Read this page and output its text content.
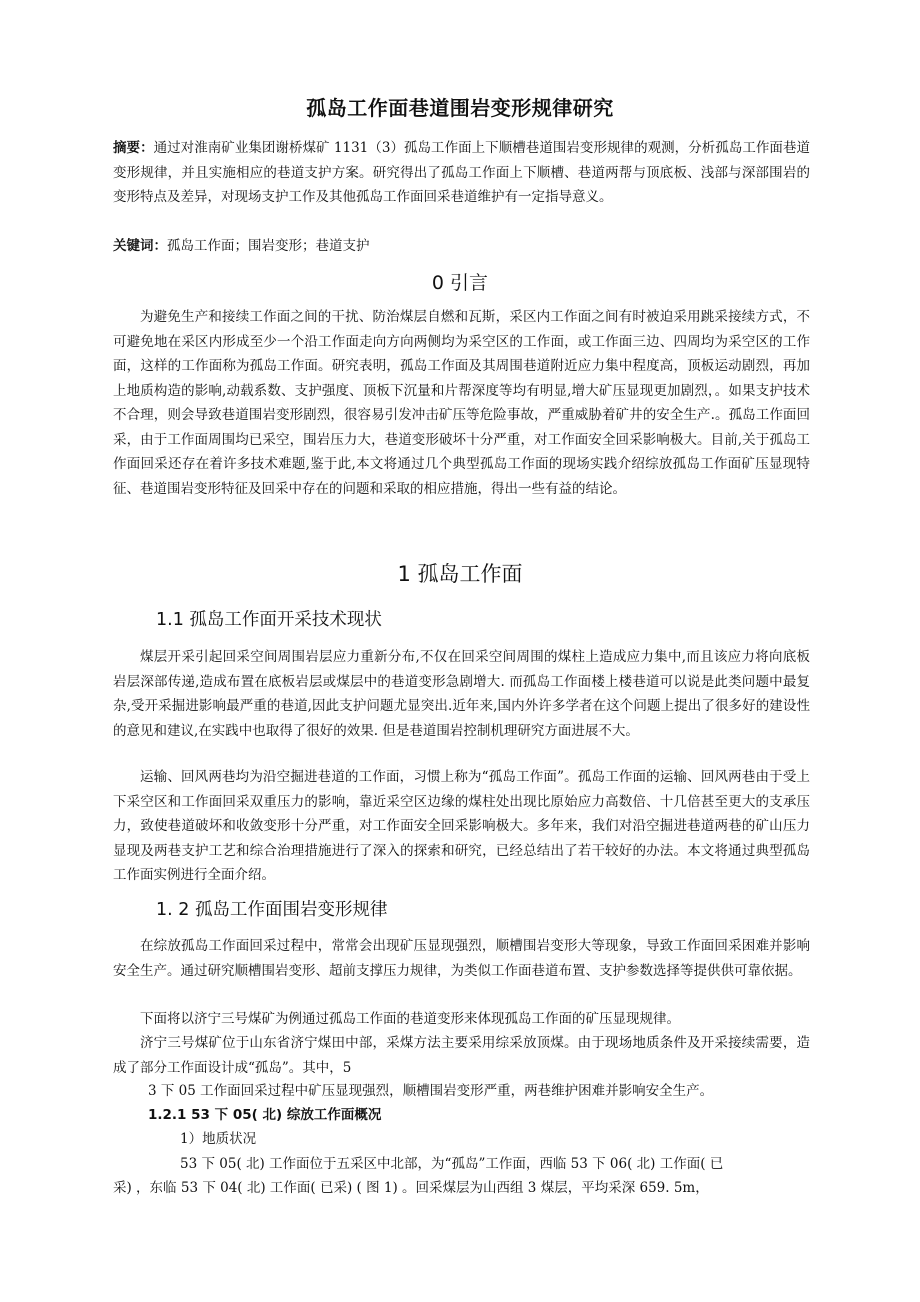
孤岛工作面巷道围岩变形规律研究
摘要：通过对淮南矿业集团谢桥煤矿 1131（3）孤岛工作面上下顺槽巷道围岩变形规律的观测，分析孤岛工作面巷道变形规律，并且实施相应的巷道支护方案。研究得出了孤岛工作面上下顺槽、巷道两帮与顶底板、浅部与深部围岩的变形特点及差异，对现场支护工作及其他孤岛工作面回采巷道维护有一定指导意义。
关键词：孤岛工作面；围岩变形；巷道支护
0 引言
为避免生产和接续工作面之间的干扰、防治煤层自燃和瓦斯，采区内工作面之间有时被迫采用跳采接续方式，不可避免地在采区内形成至少一个沿工作面走向方向两侧均为采空区的工作面，或工作面三边、四周均为采空区的工作面，这样的工作面称为孤岛工作面。研究表明，孤岛工作面及其周围巷道附近应力集中程度高，顶板运动剧烈，再加上地质构造的影响,动载系数、支护强度、顶板下沉量和片帮深度等均有明显,增大矿压显现更加剧烈，。如果支护技术不合理，则会导致巷道围岩变形剧烈，很容易引发冲击矿压等危险事故，严重威胁着矿井的安全生产.。孤岛工作面回采，由于工作面周围均已采空，围岩压力大，巷道变形破坏十分严重，对工作面安全回采影响极大。目前,关于孤岛工作面回采还存在着许多技术难题,鉴于此,本文将通过几个典型孤岛工作面的现场实践介绍综放孤岛工作面矿压显现特征、巷道围岩变形特征及回采中存在的问题和采取的相应措施，得出一些有益的结论。
1 孤岛工作面
1.1 孤岛工作面开采技术现状
煤层开采引起回采空间周围岩层应力重新分布,不仅在回采空间周围的煤柱上造成应力集中,而且该应力将向底板岩层深部传递,造成布置在底板岩层或煤层中的巷道变形急剧增大. 而孤岛工作面楼上楼巷道可以说是此类问题中最复杂,受开采掘进影响最严重的巷道,因此支护问题尤显突出.近年来,国内外许多学者在这个问题上提出了很多好的建设性的意见和建议,在实践中也取得了很好的效果. 但是巷道围岩控制机理研究方面进展不大。
运输、回风两巷均为沿空掘进巷道的工作面，习惯上称为“孤岛工作面”。孤岛工作面的运输、回风两巷由于受上下采空区和工作面回采双重压力的影响，靠近采空区边缘的煤柱处出现比原始应力高数倍、十几倍甚至更大的支承压力，致使巷道破坏和收敛变形十分严重，对工作面安全回采影响极大。多年来，我们对沿空掘进巷道两巷的矿山压力显现及两巷支护工艺和综合治理措施进行了深入的探索和研究，已经总结出了若干较好的办法。本文将通过典型孤岛工作面实例进行全面介绍。
1. 2 孤岛工作面围岩变形规律
在综放孤岛工作面回采过程中，常常会出现矿压显现强烈，顺槽围岩变形大等现象，导致工作面回采困难并影响安全生产。通过研究顺槽围岩变形、超前支撑压力规律，为类似工作面巷道布置、支护参数选择等提供供可靠依据。
下面将以济宁三号煤矿为例通过孤岛工作面的巷道变形来体现孤岛工作面的矿压显现规律。
济宁三号煤矿位于山东省济宁煤田中部，采煤方法主要采用综采放顶煤。由于现场地质条件及开采接续需要，造成了部分工作面设计成“孤岛”。其中，5
3 下 05 工作面回采过程中矿压显现强烈，顺槽围岩变形严重，两巷维护困难并影响安全生产。
1.2.1 53 下 05( 北) 综放工作面概况
1）地质状况
53 下 05( 北) 工作面位于五采区中北部，为“孤岛”工作面，西临 53 下 06( 北) 工作面( 已
采) ，东临 53 下 04( 北) 工作面( 已采) ( 图 1) 。回采煤层为山西组 3 煤层，平均采深 659. 5m，
